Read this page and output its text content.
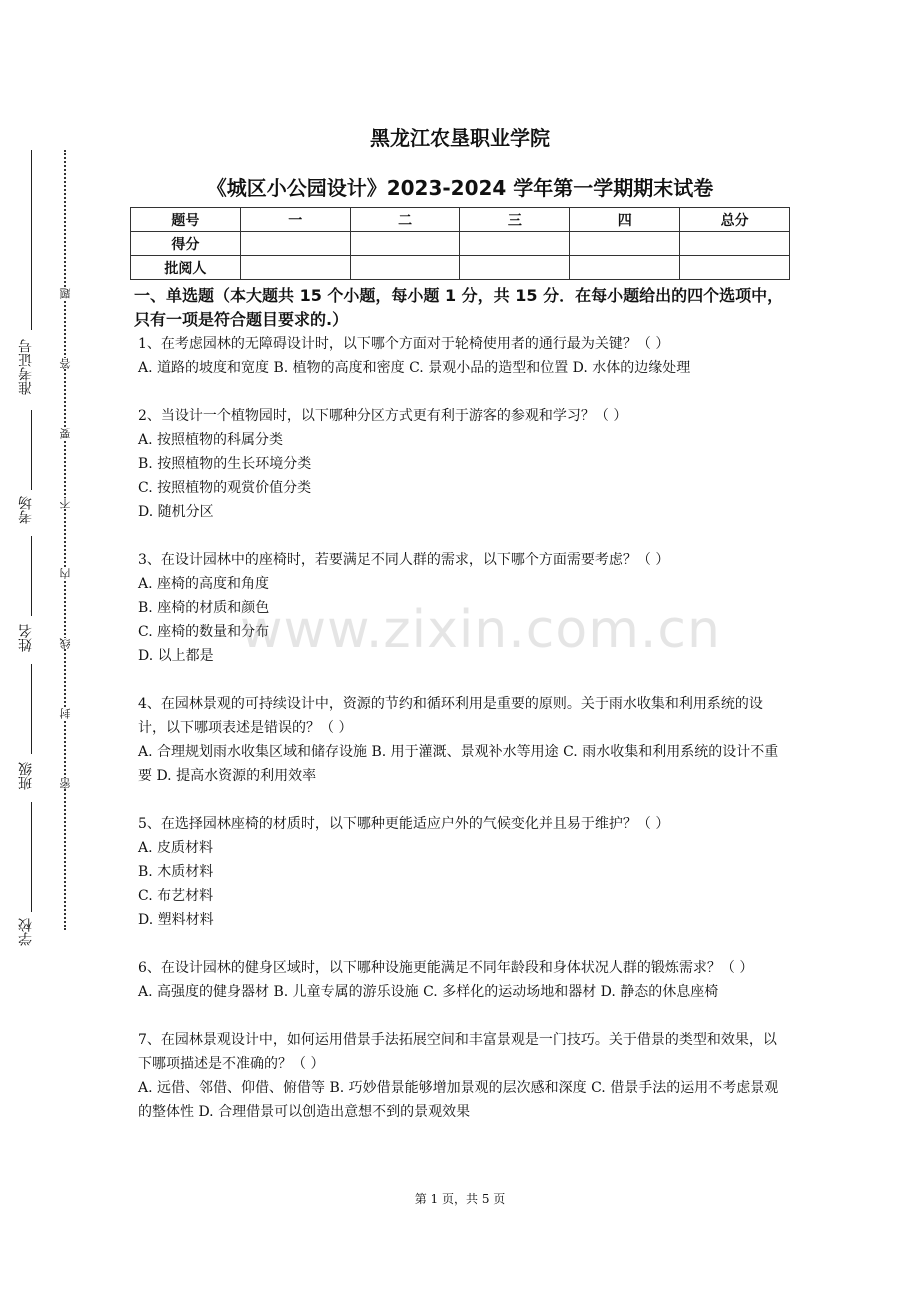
准考证号
考场
姓名
班级
学校
题
答
要
不
内
线
封
密
黑龙江农垦职业学院
《城区小公园设计》2023-2024 学年第一学期期末试卷
题号	一	二	三	四	总分
得分					
批阅人					
一、单选题（本大题共 15 个小题，每小题 1 分，共 15 分．在每小题给出的四个选项中，只有一项是符合题目要求的.）
1、在考虑园林的无障碍设计时，以下哪个方面对于轮椅使用者的通行最为关键？（ ）
A. 道路的坡度和宽度 B. 植物的高度和密度 C. 景观小品的造型和位置 D. 水体的边缘处理
2、当设计一个植物园时，以下哪种分区方式更有利于游客的参观和学习？（ ）
A. 按照植物的科属分类
B. 按照植物的生长环境分类
C. 按照植物的观赏价值分类
D. 随机分区
3、在设计园林中的座椅时，若要满足不同人群的需求，以下哪个方面需要考虑？（ ）
A. 座椅的高度和角度
B. 座椅的材质和颜色
C. 座椅的数量和分布
D. 以上都是
4、在园林景观的可持续设计中，资源的节约和循环利用是重要的原则。关于雨水收集和利用系统的设计，以下哪项表述是错误的？（ ）
A. 合理规划雨水收集区域和储存设施 B. 用于灌溉、景观补水等用途 C. 雨水收集和利用系统的设计不重要 D. 提高水资源的利用效率
5、在选择园林座椅的材质时，以下哪种更能适应户外的气候变化并且易于维护？（ ）
A. 皮质材料
B. 木质材料
C. 布艺材料
D. 塑料材料
6、在设计园林的健身区域时，以下哪种设施更能满足不同年龄段和身体状况人群的锻炼需求？（ ）
A. 高强度的健身器材 B. 儿童专属的游乐设施 C. 多样化的运动场地和器材 D. 静态的休息座椅
7、在园林景观设计中，如何运用借景手法拓展空间和丰富景观是一门技巧。关于借景的类型和效果，以下哪项描述是不准确的？（ ）
A. 远借、邻借、仰借、俯借等 B. 巧妙借景能够增加景观的层次感和深度 C. 借景手法的运用不考虑景观的整体性 D. 合理借景可以创造出意想不到的景观效果
www.zixin.com.cn
第 1 页，共 5 页
